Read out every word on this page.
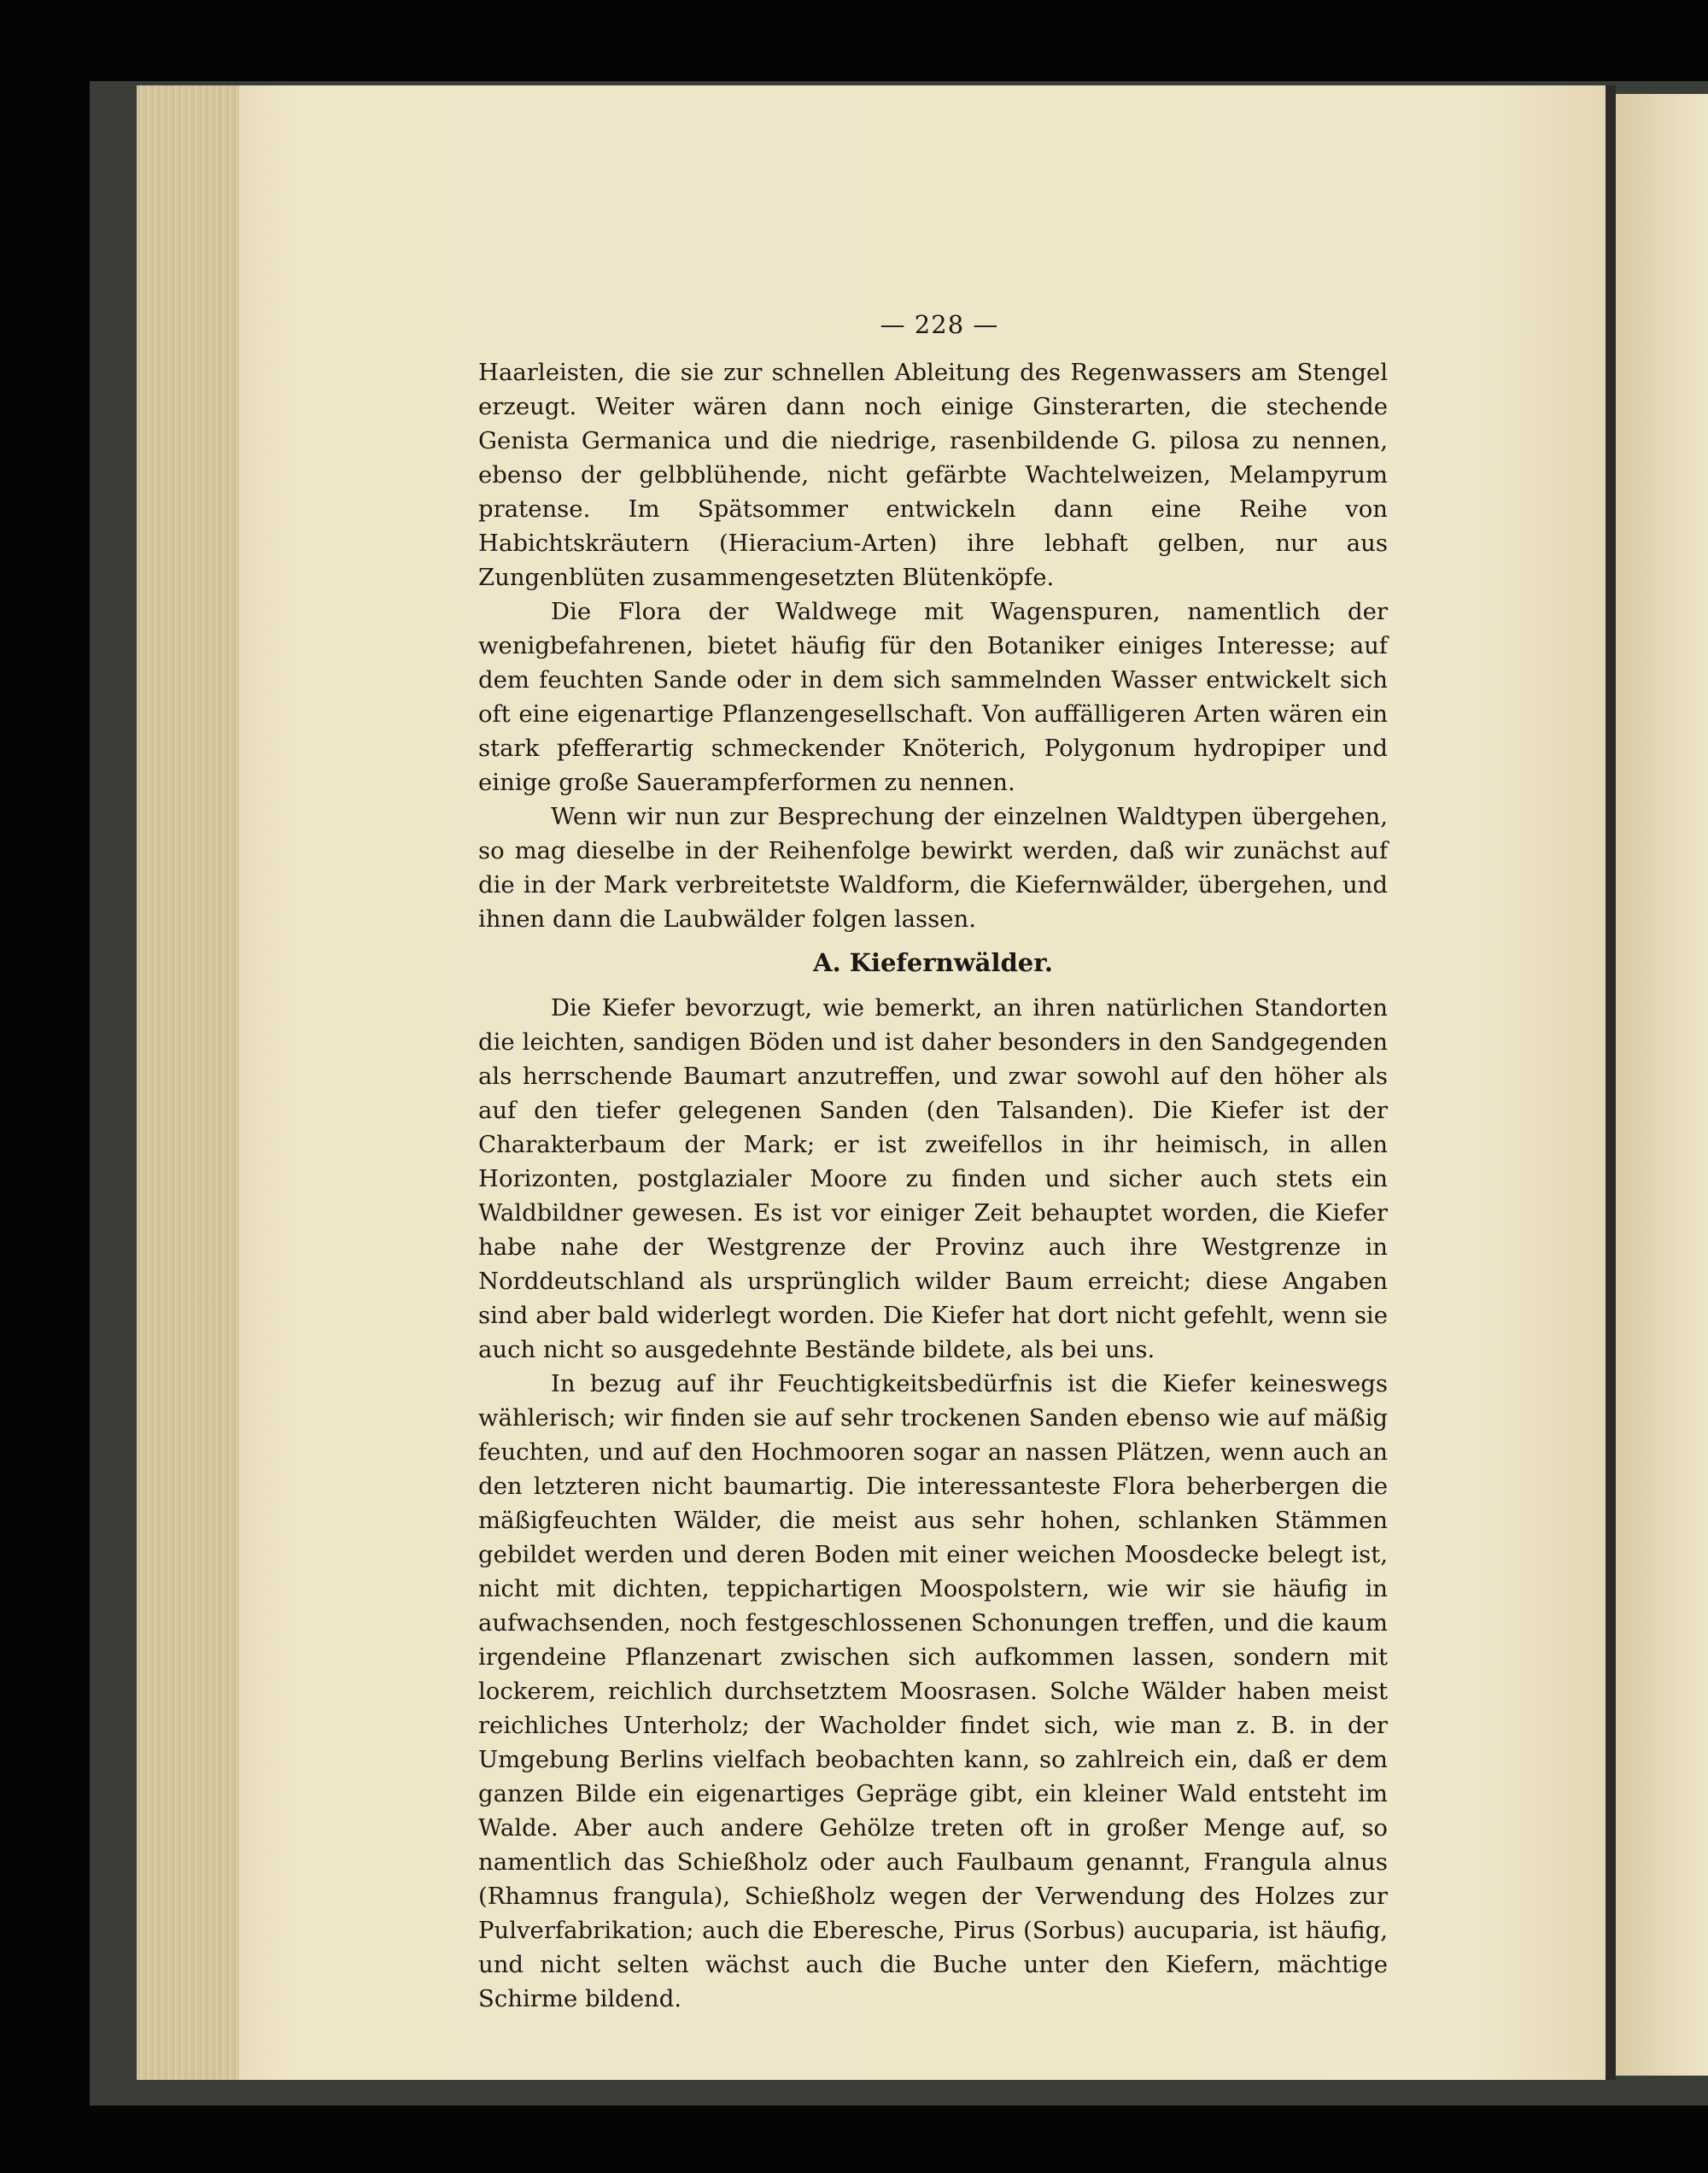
— 228 —

Haarleisten, die sie zur schnellen Ableitung des Regenwassers am Stengel erzeugt. Weiter wären dann noch einige Ginsterarten, die stechende Genista Germanica und die niedrige, rasenbildende G. pilosa zu nennen, ebenso der gelbblühende, nicht gefärbte Wachtelweizen, Melampyrum pratense. Im Spätsommer entwickeln dann eine Reihe von Habichtskräutern (Hieracium-Arten) ihre lebhaft gelben, nur aus Zungenblüten zusammengesetzten Blütenköpfe.

Die Flora der Waldwege mit Wagenspuren, namentlich der wenigbefahrenen, bietet häufig für den Botaniker einiges Interesse; auf dem feuchten Sande oder in dem sich sammelnden Wasser entwickelt sich oft eine eigenartige Pflanzengesellschaft. Von auffälligeren Arten wären ein stark pfefferartig schmeckender Knöterich, Polygonum hydropiper und einige große Sauerampferformen zu nennen.

Wenn wir nun zur Besprechung der einzelnen Waldtypen übergehen, so mag dieselbe in der Reihenfolge bewirkt werden, daß wir zunächst auf die in der Mark verbreitetste Waldform, die Kiefernwälder, übergehen, und ihnen dann die Laubwälder folgen lassen.

A. Kiefernwälder.

Die Kiefer bevorzugt, wie bemerkt, an ihren natürlichen Standorten die leichten, sandigen Böden und ist daher besonders in den Sandgegenden als herrschende Baumart anzutreffen, und zwar sowohl auf den höher als auf den tiefer gelegenen Sanden (den Talsanden). Die Kiefer ist der Charakterbaum der Mark; er ist zweifellos in ihr heimisch, in allen Horizonten, postglazialer Moore zu finden und sicher auch stets ein Waldbildner gewesen. Es ist vor einiger Zeit behauptet worden, die Kiefer habe nahe der Westgrenze der Provinz auch ihre Westgrenze in Norddeutschland als ursprünglich wilder Baum erreicht; diese Angaben sind aber bald widerlegt worden. Die Kiefer hat dort nicht gefehlt, wenn sie auch nicht so ausgedehnte Bestände bildete, als bei uns.

In bezug auf ihr Feuchtigkeitsbedürfnis ist die Kiefer keineswegs wählerisch; wir finden sie auf sehr trockenen Sanden ebenso wie auf mäßig feuchten, und auf den Hochmooren sogar an nassen Plätzen, wenn auch an den letzteren nicht baumartig. Die interessanteste Flora beherbergen die mäßigfeuchten Wälder, die meist aus sehr hohen, schlanken Stämmen gebildet werden und deren Boden mit einer weichen Moosdecke belegt ist, nicht mit dichten, teppichartigen Moospolstern, wie wir sie häufig in aufwachsenden, noch festgeschlossenen Schonungen treffen, und die kaum irgendeine Pflanzenart zwischen sich aufkommen lassen, sondern mit lockerem, reichlich durchsetztem Moosrasen. Solche Wälder haben meist reichliches Unterholz; der Wacholder findet sich, wie man z. B. in der Umgebung Berlins vielfach beobachten kann, so zahlreich ein, daß er dem ganzen Bilde ein eigenartiges Gepräge gibt, ein kleiner Wald entsteht im Walde. Aber auch andere Gehölze treten oft in großer Menge auf, so namentlich das Schießholz oder auch Faulbaum genannt, Frangula alnus (Rhamnus frangula), Schießholz wegen der Verwendung des Holzes zur Pulverfabrikation; auch die Eberesche, Pirus (Sorbus) aucuparia, ist häufig, und nicht selten wächst auch die Buche unter den Kiefern, mächtige Schirme bildend.
